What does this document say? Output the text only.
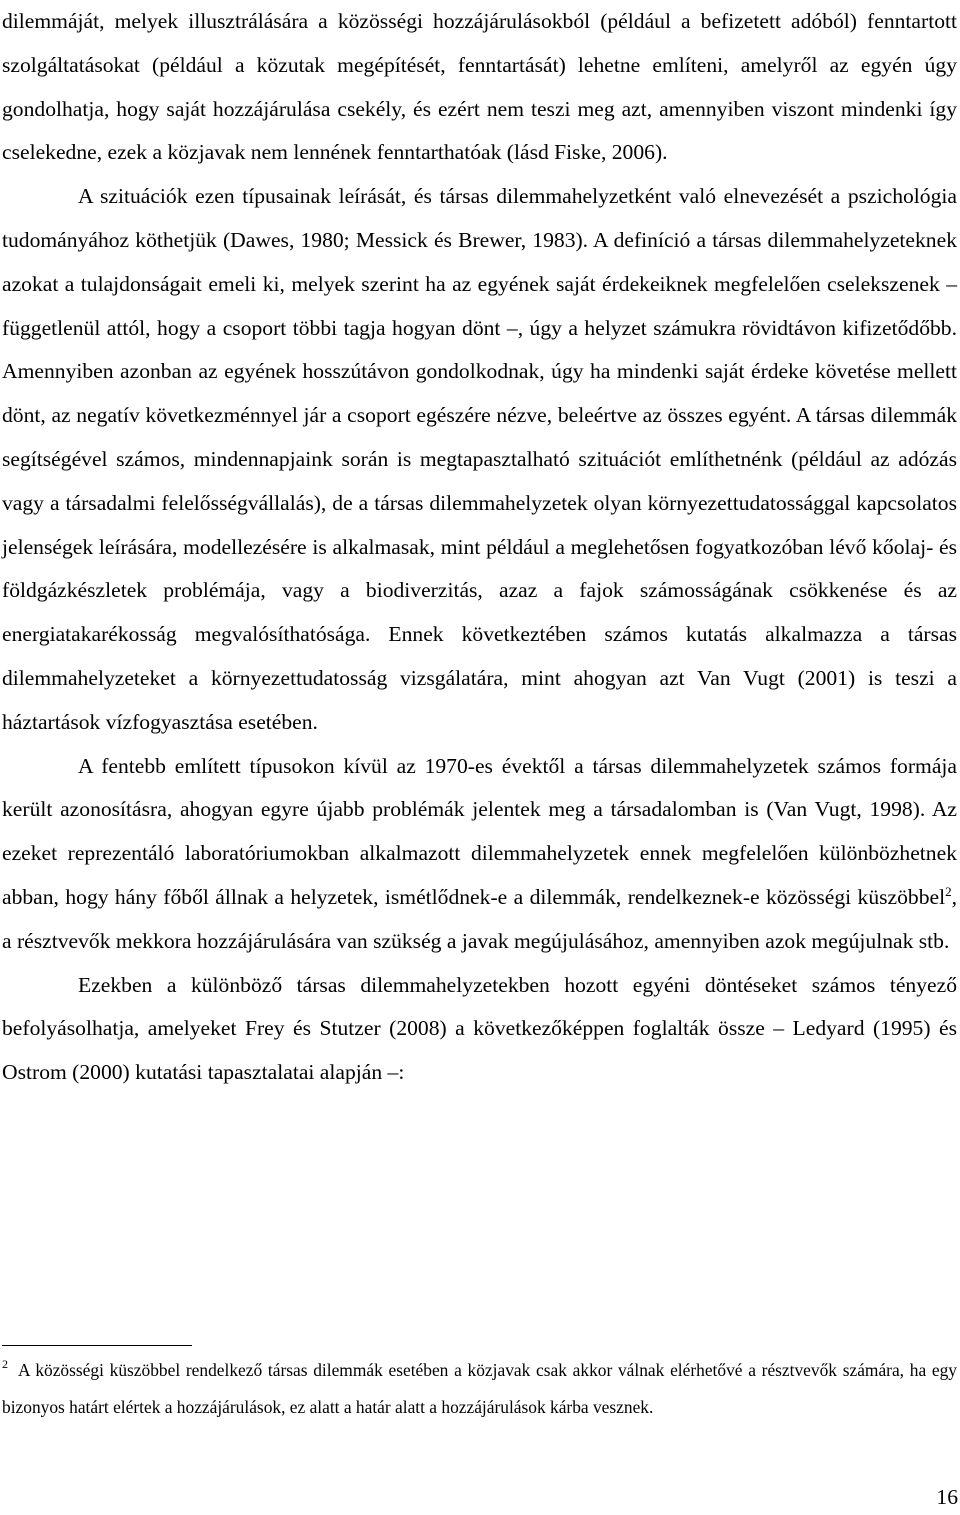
dilemmáját, melyek illusztrálására a közösségi hozzájárulásokból (például a befizetett adóból) fenntartott szolgáltatásokat (például a közutak megépítését, fenntartását) lehetne említeni, amelyről az egyén úgy gondolhatja, hogy saját hozzájárulása csekély, és ezért nem teszi meg azt, amennyiben viszont mindenki így cselekedne, ezek a közjavak nem lennének fenntarthatóak (lásd Fiske, 2006).

A szituációk ezen típusainak leírását, és társas dilemmahelyzetként való elnevezését a pszichológia tudományához köthetjük (Dawes, 1980; Messick és Brewer, 1983). A definíció a társas dilemmahelyzeteknek azokat a tulajdonságait emeli ki, melyek szerint ha az egyének saját érdekeiknek megfelelően cselekszenek – függetlenül attól, hogy a csoport többi tagja hogyan dönt –, úgy a helyzet számukra rövidtávon kifizetődőbb. Amennyiben azonban az egyének hosszútávon gondolkodnak, úgy ha mindenki saját érdeke követése mellett dönt, az negatív következménnyel jár a csoport egészére nézve, beleértve az összes egyént. A társas dilemmák segítségével számos, mindennapjaink során is megtapasztalható szituációt említhetnénk (például az adózás vagy a társadalmi felelősségvállalás), de a társas dilemmahelyzetek olyan környezettudatossággal kapcsolatos jelenségek leírására, modellezésére is alkalmasak, mint például a meglehetősen fogyatkozóban lévő kőolaj- és földgázkészletek problémája, vagy a biodiverzitás, azaz a fajok számosságának csökkenése és az energiatakarékosság megvalósíthatósága. Ennek következtében számos kutatás alkalmazza a társas dilemmahelyzeteket a környezettudatosság vizsgálatára, mint ahogyan azt Van Vugt (2001) is teszi a háztartások vízfogyasztása esetében.

A fentebb említett típusokon kívül az 1970-es évektől a társas dilemmahelyzetek számos formája került azonosításra, ahogyan egyre újabb problémák jelentek meg a társadalomban is (Van Vugt, 1998). Az ezeket reprezentáló laboratóriumokban alkalmazott dilemmahelyzetek ennek megfelelően különbözhetnek abban, hogy hány főből állnak a helyzetek, ismétlődnek-e a dilemmák, rendelkeznek-e közösségi küszöbbel$^2$, a résztvevők mekkora hozzájárulására van szükség a javak megújulásához, amennyiben azok megújulnak stb.

Ezekben a különböző társas dilemmahelyzetekben hozott egyéni döntéseket számos tényező befolyásolhatja, amelyeket Frey és Stutzer (2008) a következőképpen foglalták össze – Ledyard (1995) és Ostrom (2000) kutatási tapasztalatai alapján –:

$^2$ A közösségi küszöbbel rendelkező társas dilemmák esetében a közjavak csak akkor válnak elérhetővé a résztvevők számára, ha egy bizonyos határt elértek a hozzájárulások, ez alatt a határ alatt a hozzájárulások kárba vesznek.

16
